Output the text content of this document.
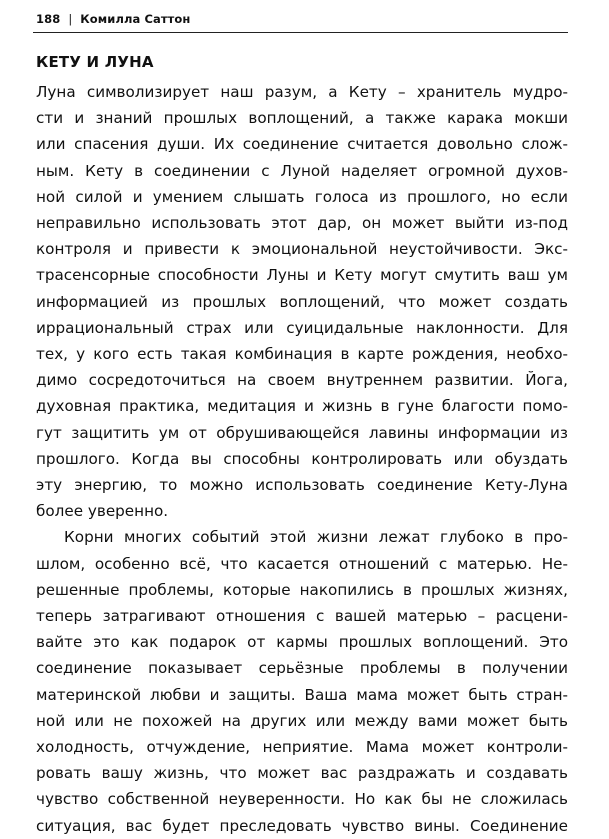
188 | Комилла Саттон
КЕТУ И ЛУНА

Луна символизирует наш разум, а Кету – хранитель мудро-
сти и знаний прошлых воплощений, а также карака мокши
или спасения души. Их соединение считается довольно слож-
ным. Кету в соединении с Луной наделяет огромной духов-
ной силой и умением слышать голоса из прошлого, но если
неправильно использовать этот дар, он может выйти из-под
контроля и привести к эмоциональной неустойчивости. Экс-
трасенсорные способности Луны и Кету могут смутить ваш ум
информацией из прошлых воплощений, что может создать
иррациональный страх или суицидальные наклонности. Для
тех, у кого есть такая комбинация в карте рождения, необхо-
димо сосредоточиться на своем внутреннем развитии. Йога,
духовная практика, медитация и жизнь в гуне благости помо-
гут защитить ум от обрушивающейся лавины информации из
прошлого. Когда вы способны контролировать или обуздать
эту энергию, то можно использовать соединение Кету-Луна
более уверенно.

Корни многих событий этой жизни лежат глубоко в про-
шлом, особенно всё, что касается отношений с матерью. Не-
решенные проблемы, которые накопились в прошлых жизнях,
теперь затрагивают отношения с вашей матерью – расцени-
вайте это как подарок от кармы прошлых воплощений. Это
соединение показывает серьёзные проблемы в получении
материнской любви и защиты. Ваша мама может быть стран-
ной или не похожей на других или между вами может быть
холодность, отчуждение, неприятие. Мама может контроли-
ровать вашу жизнь, что может вас раздражать и создавать
чувство собственной неуверенности. Но как бы не сложилась
ситуация, вас будет преследовать чувство вины. Соединение
